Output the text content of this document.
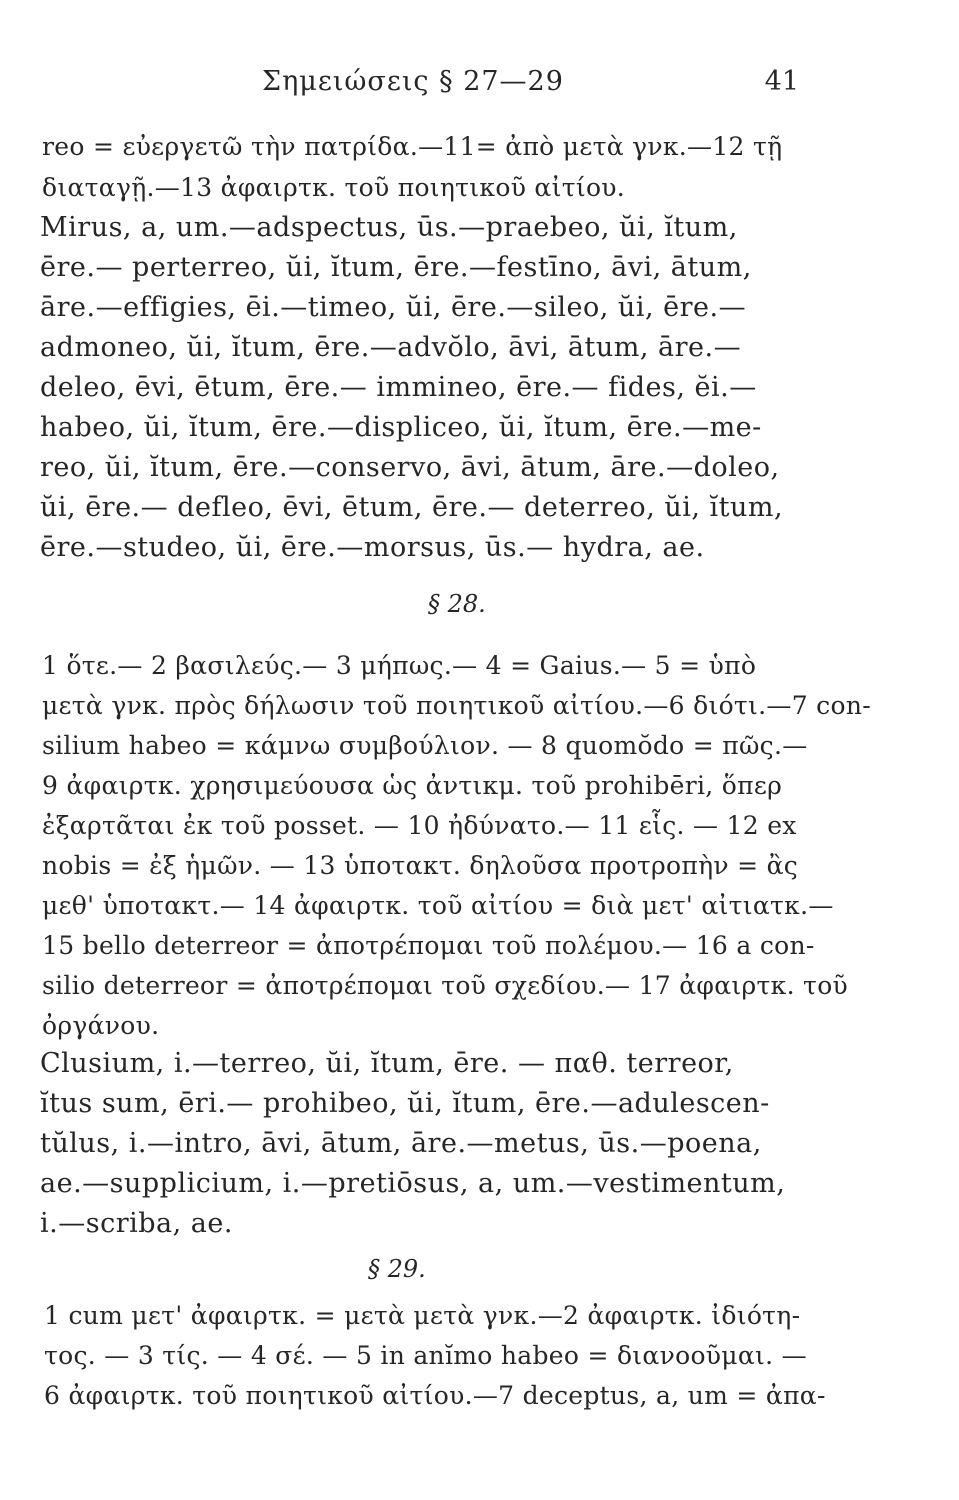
Σημειώσεις § 27—29	41
reo = εὐεργετῶ τὴν πατρίδα.—11= ἀπὸ μετὰ γνκ.—12 τῇ
διαταγῇ.—13 ἀφαιρτκ. τοῦ ποιητικοῦ αἰτίου.
Mirus, a, um.—adspectus, ūs.—praebeo, ŭi, ĭtum,
ēre.— perterreo, ŭi, ĭtum, ēre.—festīno, āvi, ātum,
āre.—effigies, ēi.—timeo, ŭi, ēre.—sileo, ŭi, ēre.—
admoneo, ŭi, ĭtum, ēre.—advŏlo, āvi, ātum, āre.—
deleo, ēvi, ētum, ēre.— immineo, ēre.— fides, ĕi.—
habeo, ŭi, ĭtum, ēre.—displiceo, ŭi, ĭtum, ēre.—me-
reo, ŭi, ĭtum, ēre.—conservo, āvi, ātum, āre.—doleo,
ŭi, ēre.— defleo, ēvi, ētum, ēre.— deterreo, ŭi, ĭtum,
ēre.—studeo, ŭi, ēre.—morsus, ūs.— hydra, ae.
§ 28.
1 ὅτε.— 2 βασιλεύς.— 3 μήπως.— 4 = Gaius.— 5 = ὑπὸ
μετὰ γνκ. πρὸς δήλωσιν τοῦ ποιητικοῦ αἰτίου.—6 διότι.—7 con-
silium habeo = κάμνω συμβούλιον. — 8 quomŏdo = πῶς.—
9 ἀφαιρτκ. χρησιμεύουσα ὡς ἀντικμ. τοῦ prohibēri, ὅπερ
ἐξαρτᾶται ἐκ τοῦ posset. — 10 ἠδύνατο.— 11 εἷς. — 12 ex
nobis = ἐξ ἡμῶν. — 13 ὑποτακτ. δηλοῦσα προτροπὴν = ἂς
μεθ' ὑποτακτ.— 14 ἀφαιρτκ. τοῦ αἰτίου = διὰ μετ' αἰτιατκ.—
15 bello deterreor = ἀποτρέπομαι τοῦ πολέμου.— 16 a con-
silio deterreor = ἀποτρέπομαι τοῦ σχεδίου.— 17 ἀφαιρτκ. τοῦ
ὀργάνου.
Clusium, i.—terreo, ŭi, ĭtum, ēre. — παθ. terreor,
ĭtus sum, ēri.— prohibeo, ŭi, ĭtum, ēre.—adulescen-
tŭlus, i.—intro, āvi, ātum, āre.—metus, ūs.—poena,
ae.—supplicium, i.—pretiōsus, a, um.—vestimentum,
i.—scriba, ae.
§ 29.
1 cum μετ' ἀφαιρτκ. = μετὰ μετὰ γνκ.—2 ἀφαιρτκ. ἰδιότη-
τος. — 3 τίς. — 4 σέ. — 5 in anĭmo habeo = διανοοῦμαι. —
6 ἀφαιρτκ. τοῦ ποιητικοῦ αἰτίου.—7 deceptus, a, um = ἀπα-
